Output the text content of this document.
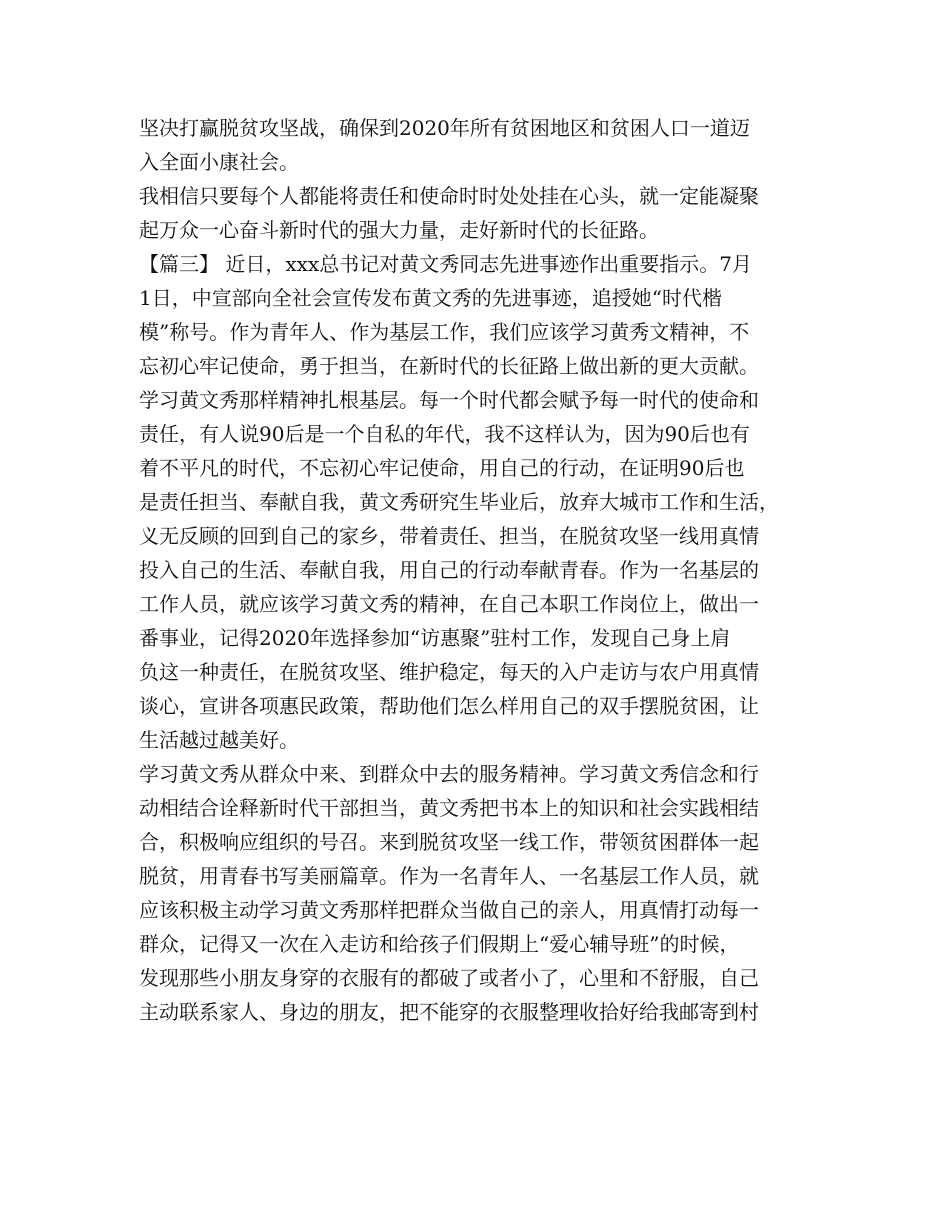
坚决打赢脱贫攻坚战，确保到2020年所有贫困地区和贫困人口一道迈
入全面小康社会。
我相信只要每个人都能将责任和使命时时处处挂在心头，就一定能凝聚
起万众一心奋斗新时代的强大力量，走好新时代的长征路。
【篇三】 近日，xxx总书记对黄文秀同志先进事迹作出重要指示。7月
1日，中宣部向全社会宣传发布黄文秀的先进事迹，追授她“时代楷
模”称号。作为青年人、作为基层工作，我们应该学习黄秀文精神，不
忘初心牢记使命，勇于担当，在新时代的长征路上做出新的更大贡献。
学习黄文秀那样精神扎根基层。每一个时代都会赋予每一时代的使命和
责任，有人说90后是一个自私的年代，我不这样认为，因为90后也有
着不平凡的时代，不忘初心牢记使命，用自己的行动，在证明90后也
是责任担当、奉献自我，黄文秀研究生毕业后，放弃大城市工作和生活，
义无反顾的回到自己的家乡，带着责任、担当，在脱贫攻坚一线用真情
投入自己的生活、奉献自我，用自己的行动奉献青春。作为一名基层的
工作人员，就应该学习黄文秀的精神，在自己本职工作岗位上，做出一
番事业，记得2020年选择参加“访惠聚”驻村工作，发现自己身上肩
负这一种责任，在脱贫攻坚、维护稳定，每天的入户走访与农户用真情
谈心，宣讲各项惠民政策，帮助他们怎么样用自己的双手摆脱贫困，让
生活越过越美好。
学习黄文秀从群众中来、到群众中去的服务精神。学习黄文秀信念和行
动相结合诠释新时代干部担当，黄文秀把书本上的知识和社会实践相结
合，积极响应组织的号召。来到脱贫攻坚一线工作，带领贫困群体一起
脱贫，用青春书写美丽篇章。作为一名青年人、一名基层工作人员，就
应该积极主动学习黄文秀那样把群众当做自己的亲人，用真情打动每一
群众，记得又一次在入走访和给孩子们假期上“爱心辅导班”的时候，
发现那些小朋友身穿的衣服有的都破了或者小了，心里和不舒服，自己
主动联系家人、身边的朋友，把不能穿的衣服整理收拾好给我邮寄到村
